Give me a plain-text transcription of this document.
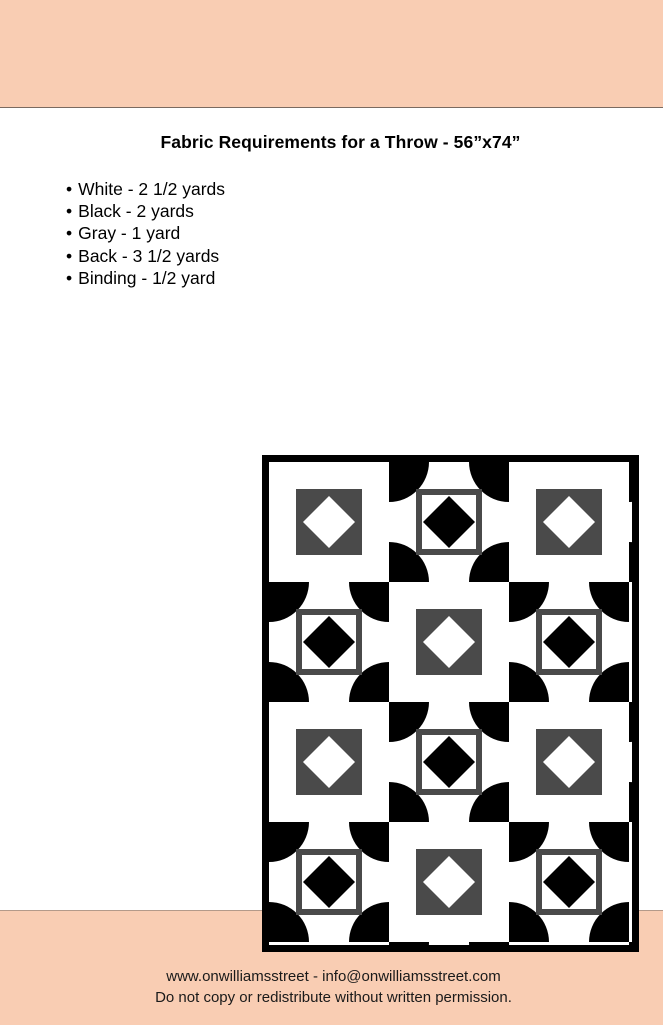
Fabric Requirements for a Throw - 56”x74”
• White - 2 1/2 yards
• Black - 2 yards
• Gray - 1 yard
• Back - 3 1/2 yards
• Binding - 1/2 yard
www.onwilliamsstreet - info@onwilliamsstreet.com
Do not copy or redistribute without written permission.
